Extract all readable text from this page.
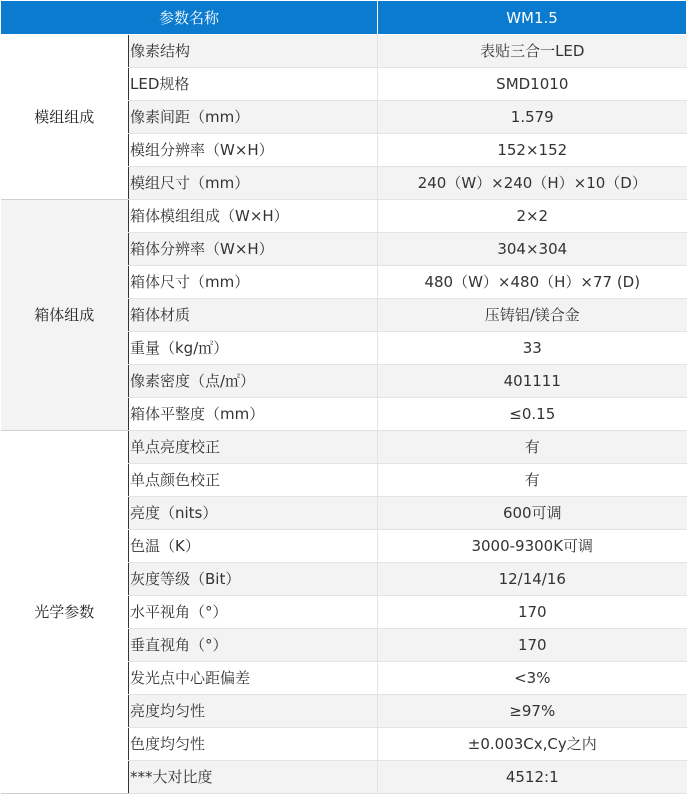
参数名称		WM1.5
模组组成	像素结构	表贴三合一LED
	LED规格	SMD1010
	像素间距（mm）	1.579
	模组分辨率（W×H）	152×152
	模组尺寸（mm）	240（W）×240（H）×10（D）
箱体组成	箱体模组组成（W×H）	2×2
	箱体分辨率（W×H）	304×304
	箱体尺寸（mm）	480（W）×480（H）×77 (D)
	箱体材质	压铸铝/镁合金
	重量（kg/㎡）	33
	像素密度（点/㎡）	401111
	箱体平整度（mm）	≤0.15
光学参数	单点亮度校正	有
	单点颜色校正	有
	亮度（nits）	600可调
	色温（K）	3000-9300K可调
	灰度等级（Bit）	12/14/16
	水平视角（°）	170
	垂直视角（°）	170
	发光点中心距偏差	<3%
	亮度均匀性	≥97%
	色度均匀性	±0.003Cx,Cy之内
	***大对比度	4512:1
